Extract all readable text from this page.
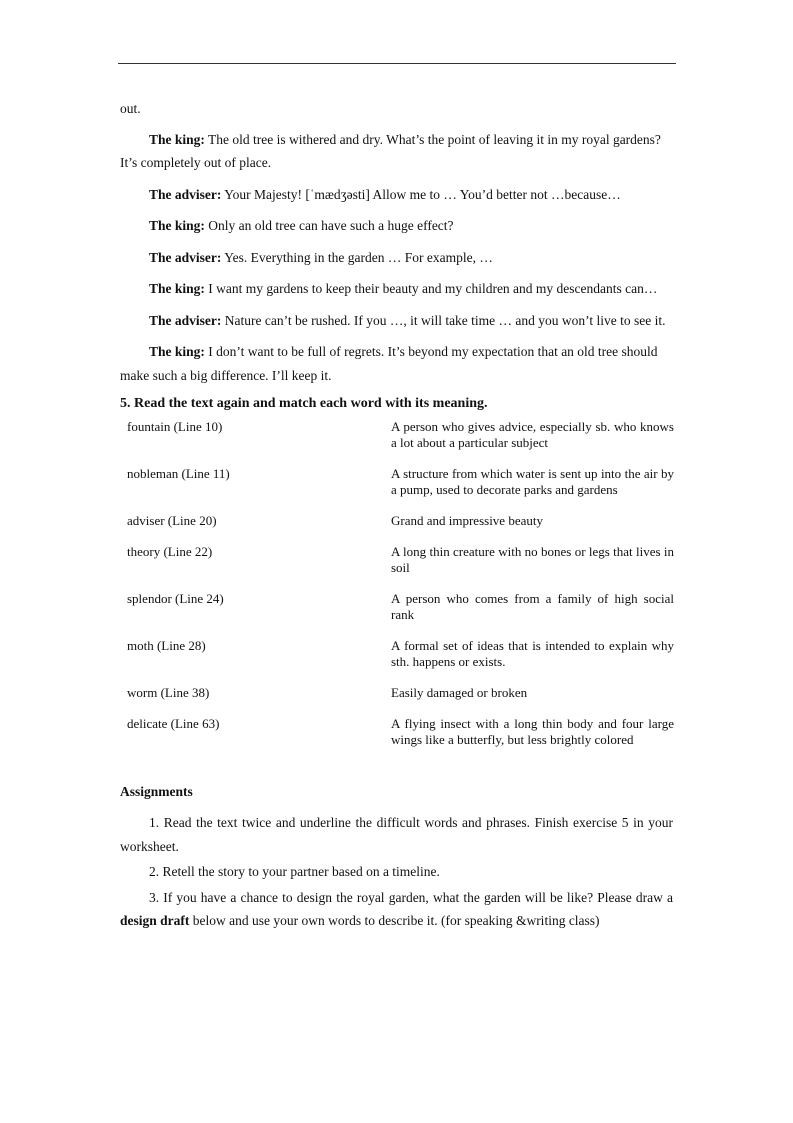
out.

The king: The old tree is withered and dry. What’s the point of leaving it in my royal gardens? It’s completely out of place.

The adviser: Your Majesty! [ˈmædʒəsti] Allow me to … You’d better not …because…

The king: Only an old tree can have such a huge effect?

The adviser: Yes. Everything in the garden … For example, …

The king: I want my gardens to keep their beauty and my children and my descendants can…

The adviser: Nature can’t be rushed. If you …, it will take time … and you won’t live to see it.

The king: I don’t want to be full of regrets. It’s beyond my expectation that an old tree should make such a big difference. I’ll keep it.

5. Read the text again and match each word with its meaning.
fountain (Line 10)	A person who gives advice, especially sb. who knows a lot about a particular subject
nobleman (Line 11)	A structure from which water is sent up into the air by a pump, used to decorate parks and gardens
adviser (Line 20)	Grand and impressive beauty
theory (Line 22)	A long thin creature with no bones or legs that lives in soil
splendor (Line 24)	A person who comes from a family of high social rank
moth (Line 28)	A formal set of ideas that is intended to explain why sth. happens or exists.
worm (Line 38)	Easily damaged or broken
delicate (Line 63)	A flying insect with a long thin body and four large wings like a butterfly, but less brightly colored
Assignments

1. Read the text twice and underline the difficult words and phrases. Finish exercise 5 in your worksheet.

2. Retell the story to your partner based on a timeline.

3. If you have a chance to design the royal garden, what the garden will be like? Please draw a design draft below and use your own words to describe it. (for speaking &writing class)
